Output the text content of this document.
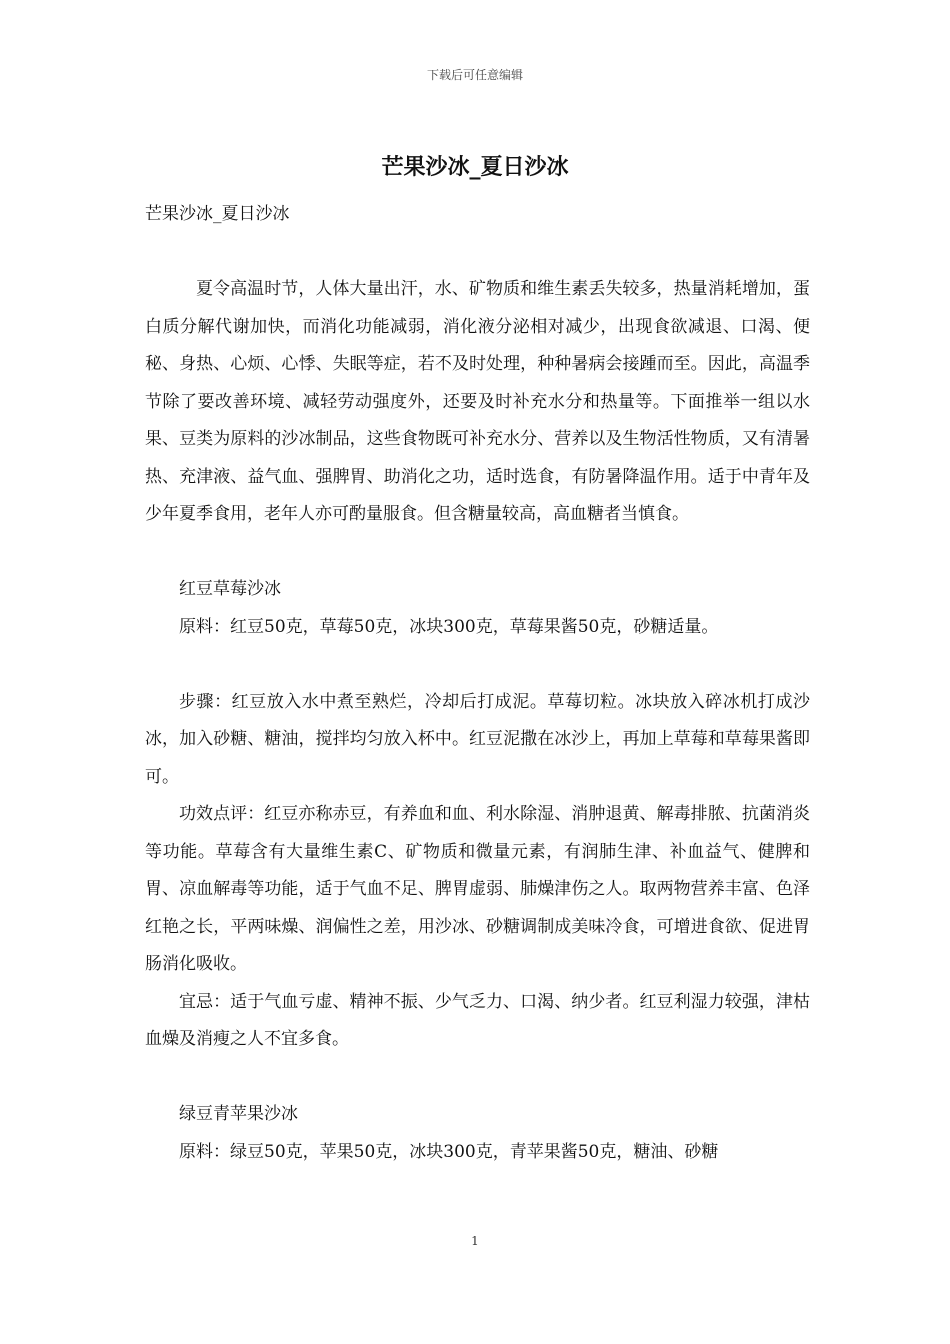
下载后可任意编辑
芒果沙冰_夏日沙冰

芒果沙冰_夏日沙冰

夏令高温时节，人体大量出汗，水、矿物质和维生素丢失较多，热量消耗增加，蛋白质分解代谢加快，而消化功能减弱，消化液分泌相对减少，出现食欲减退、口渴、便秘、身热、心烦、心悸、失眠等症，若不及时处理，种种暑病会接踵而至。因此，高温季节除了要改善环境、减轻劳动强度外，还要及时补充水分和热量等。下面推举一组以水果、豆类为原料的沙冰制品，这些食物既可补充水分、营养以及生物活性物质，又有清暑热、充津液、益气血、强脾胃、助消化之功，适时选食，有防暑降温作用。适于中青年及少年夏季食用，老年人亦可酌量服食。但含糖量较高，高血糖者当慎食。

红豆草莓沙冰

原料：红豆50克，草莓50克，冰块300克，草莓果酱50克，砂糖适量。

步骤：红豆放入水中煮至熟烂，冷却后打成泥。草莓切粒。冰块放入碎冰机打成沙冰，加入砂糖、糖油，搅拌均匀放入杯中。红豆泥撒在冰沙上，再加上草莓和草莓果酱即可。

功效点评：红豆亦称赤豆，有养血和血、利水除湿、消肿退黄、解毒排脓、抗菌消炎等功能。草莓含有大量维生素C、矿物质和微量元素，有润肺生津、补血益气、健脾和胃、凉血解毒等功能，适于气血不足、脾胃虚弱、肺燥津伤之人。取两物营养丰富、色泽红艳之长，平两味燥、润偏性之差，用沙冰、砂糖调制成美味冷食，可增进食欲、促进胃肠消化吸收。

宜忌：适于气血亏虚、精神不振、少气乏力、口渴、纳少者。红豆利湿力较强，津枯血燥及消瘦之人不宜多食。

绿豆青苹果沙冰

原料：绿豆50克，苹果50克，冰块300克，青苹果酱50克，糖油、砂糖

1
